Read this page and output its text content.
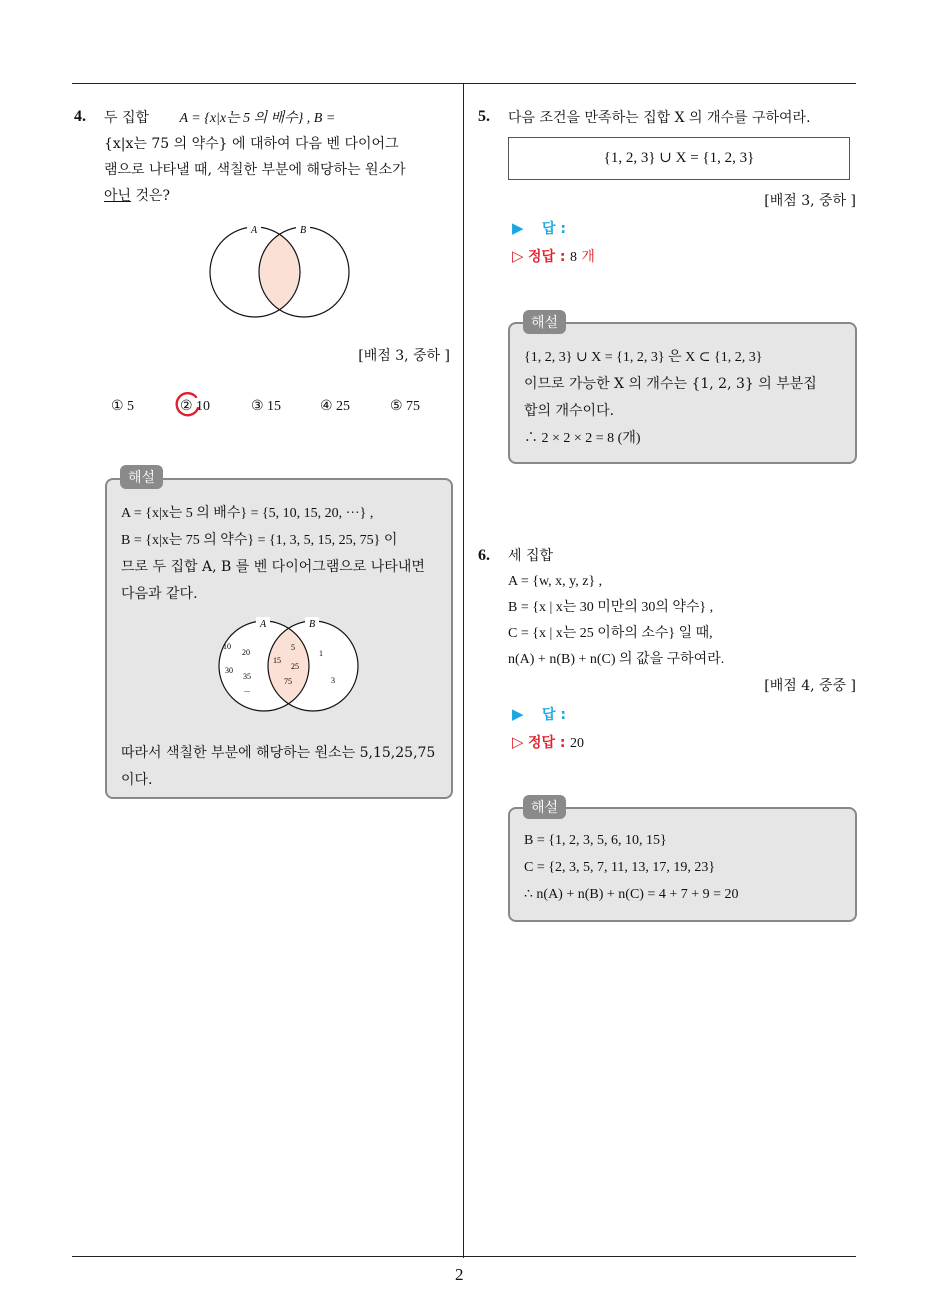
2
4. 두 집합 A = {x|x는 5 의 배수} , B =
{x|x는 75 의 약수} 에 대하여 다음 벤 다이어그
램으로 나타낼 때, 색칠한 부분에 해당하는 원소가
아닌 것은?
A	B
[배점 3, 중하 ]
① 5	② 10	③ 15	④ 25	⑤ 75
A = {x|x는 5 의 배수} = {5, 10, 15, 20, ···} ,
B = {x|x는 75 의 약수} = {1, 3, 5, 15, 25, 75} 이
므로 두 집합 A, B 를 벤 다이어그램으로 나타내면
다음과 같다.
A	B
10
20
30
35
...
5
15
25
75
1
3
따라서 색칠한 부분에 해당하는 원소는 5,15,25,75
이다.
해설
5. 다음 조건을 만족하는 집합 X 의 개수를 구하여라.
{1, 2, 3} ∪ X = {1, 2, 3}
[배점 3, 중하 ]
▶ 답 :
▷ 정답 : 8 개
{1, 2, 3} ∪ X = {1, 2, 3} 은 X ⊂ {1, 2, 3}
이므로 가능한 X 의 개수는 {1, 2, 3} 의 부분집
합의 개수이다.
∴ 2 × 2 × 2 = 8 (개)
해설
6. 세 집합
A = {w, x, y, z} ,
B = {x | x는 30 미만의 30의 약수} ,
C = {x | x는 25 이하의 소수} 일 때,
n(A) + n(B) + n(C) 의 값을 구하여라.
[배점 4, 중중 ]
▶ 답 :
▷ 정답 : 20
B = {1, 2, 3, 5, 6, 10, 15}
C = {2, 3, 5, 7, 11, 13, 17, 19, 23}
∴ n(A) + n(B) + n(C) = 4 + 7 + 9 = 20
해설
